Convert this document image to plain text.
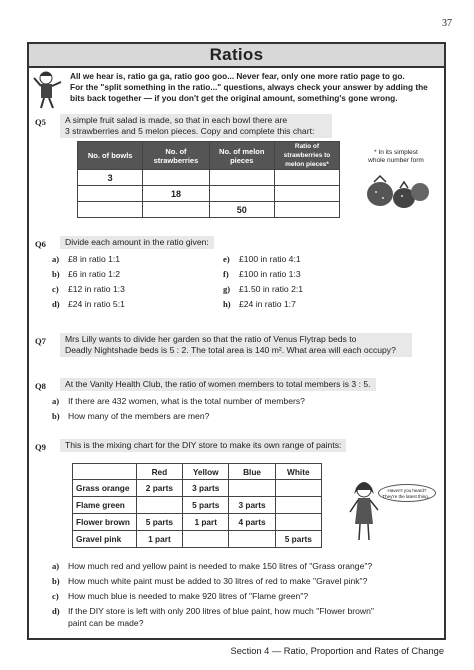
37
Ratios
All we hear is, ratio ga ga, ratio goo goo... Never fear, only one more ratio page to go.
For the "split something in the ratio..." questions, always check your answer by adding the
bits back together — if you don't get the original amount, something's gone wrong.
Q5 A simple fruit salad is made, so that in each bowl there are
3 strawberries and 5 melon pieces. Copy and complete this chart:
No. of bowls	No. of strawberries	No. of melon pieces	Ratio of strawberries to melon pieces*
3			
	18		
		50	
* In its simplest
whole number form
Q6	Divide each amount in the ratio given:
a) £8 in ratio 1:1
b) £6 in ratio 1:2
c) £12 in ratio 1:3
d) £24 in ratio 5:1
e) £100 in ratio 4:1
f) £100 in ratio 1:3
g) £1.50 in ratio 2:1
h) £24 in ratio 1:7
Q7 Mrs Lilly wants to divide her garden so that the ratio of Venus Flytrap beds to
Deadly Nightshade beds is 5 : 2. The total area is 140 m². What area will each occupy?
Q8	At the Vanity Health Club, the ratio of women members to total members is 3 : 5.
a) If there are 432 women, what is the total number of members?
b) How many of the members are men?
Q9	This is the mixing chart for the DIY store to make its own range of paints:
	Red	Yellow	Blue	White
Grass orange	2 parts	3 parts		
Flame green		5 parts	3 parts	
Flower brown	5 parts	1 part	4 parts	
Gravel pink	1 part			5 parts
Haven't you heard?
They're the latest thing...
a) How much red and yellow paint is needed to make 150 litres of "Grass orange"?
b) How much white paint must be added to 30 litres of red to make "Gravel pink"?
c) How much blue is needed to make 920 litres of "Flame green"?
d) If the DIY store is left with only 200 litres of blue paint, how much "Flower brown"
paint can be made?
Section 4 — Ratio, Proportion and Rates of Change
